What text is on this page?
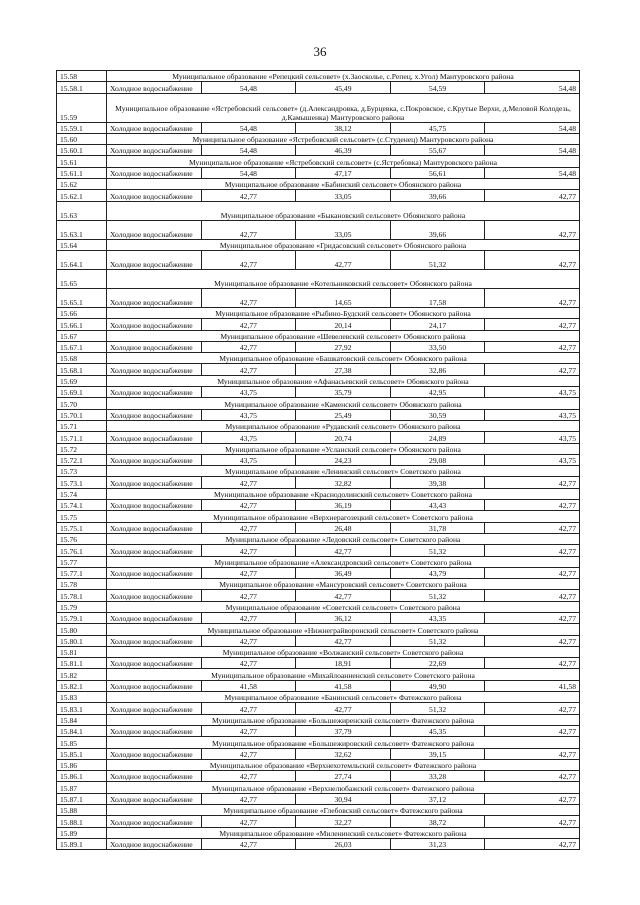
36
15.58	Муниципальное образование «Репецкий сельсовет» (х.Заосколье, с.Репец, х.Угол) Мантуровского района				
15.58.1	Холодное водоснабжение	54,48	45,49	54,59	54,48
15.59	Муниципальное образование «Ястребовский сельсовет» (д.Александровка, д.Бурцевка, с.Покровское, с.Крутые Верхи, д.Меловой Колодезь, д.Камышенка) Мантуровского района				
15.59.1	Холодное водоснабжение	54,48	38,12	45,75	54,48
15.60	Муниципальное образование «Ястребовский сельсовет» (с.Студенец) Мантуровского района				
15.60.1	Холодное водоснабжение	54,48	46,39	55,67	54,48
15.61	Муниципальное образование «Ястребовский сельсовет» (с.Ястребовка) Мантуровского района				
15.61.1	Холодное водоснабжение	54,48	47,17	56,61	54,48
15.62	Муниципальное образование «Бабинский сельсовет» Обоянского района				
15.62.1	Холодное водоснабжение	42,77	33,05	39,66	42,77
15.63	Муниципальное образование «Быкановский сельсовет» Обоянского района				
15.63.1	Холодное водоснабжение	42,77	33,05	39,66	42,77
15.64	Муниципальное образование «Гридасовский сельсовет» Обоянского района				
15.64.1	Холодное водоснабжение	42,77	42,77	51,32	42,77
15.65	Муниципальное образование «Котельниковский сельсовет» Обоянского района				
15.65.1	Холодное водоснабжение	42,77	14,65	17,58	42,77
15.66	Муниципальное образование «Рыбино-Будский сельсовет» Обоянского района				
15.66.1	Холодное водоснабжение	42,77	20,14	24,17	42,77
15.67	Муниципальное образование «Шевелевский сельсовет» Обоянского района				
15.67.1	Холодное водоснабжение	42,77	27,92	33,50	42,77
15.68	Муниципальное образование «Башкатовский сельсовет» Обоянского района				
15.68.1	Холодное водоснабжение	42,77	27,38	32,86	42,77
15.69	Муниципальное образование «Афанасьевский сельсовет» Обоянского района				
15.69.1	Холодное водоснабжение	43,75	35,79	42,95	43,75
15.70	Муниципальное образование «Каменский сельсовет» Обоянского района				
15.70.1	Холодное водоснабжение	43,75	25,49	30,59	43,75
15.71	Муниципальное образование «Рудавский сельсовет» Обоянского района				
15.71.1	Холодное водоснабжение	43,75	20,74	24,89	43,75
15.72	Муниципальное образование «Усланский сельсовет» Обоянского района				
15.72.1	Холодное водоснабжение	43,75	24,23	29,08	43,75
15.73	Муниципальное образование «Ленинский сельсовет» Советского района				
15.73.1	Холодное водоснабжение	42,77	32,82	39,38	42,77
15.74	Муниципальное образование «Краснодолинский сельсовет» Советского района				
15.74.1	Холодное водоснабжение	42,77	36,19	43,43	42,77
15.75	Муниципальное образование «Верхнерагозецкий сельсовет» Советского района				
15.75.1	Холодное водоснабжение	42,77	26,48	31,78	42,77
15.76	Муниципальное образование «Ледовский сельсовет» Советского района				
15.76.1	Холодное водоснабжение	42,77	42,77	51,32	42,77
15.77	Муниципальное образование «Александровский сельсовет» Советского района				
15.77.1	Холодное водоснабжение	42,77	36,49	43,79	42,77
15.78	Муниципальное образование «Мансуровский сельсовет» Советского района				
15.78.1	Холодное водоснабжение	42,77	42,77	51,32	42,77
15.79	Муниципальное образование «Советский сельсовет» Советского района				
15.79.1	Холодное водоснабжение	42,77	36,12	43,35	42,77
15.80	Муниципальное образование «Нижнеграйворонский сельсовет» Советского района				
15.80.1	Холодное водоснабжение	42,77	42,77	51,32	42,77
15.81	Муниципальное образование «Волжанский сельсовет» Советского района				
15.81.1	Холодное водоснабжение	42,77	18,91	22,69	42,77
15.82	Муниципальное образование «Михайлоанненский сельсовет» Советского района				
15.82.1	Холодное водоснабжение	41,58	41,58	49,90	41,58
15.83	Муниципальное образование «Банинский сельсовет» Фатежского района				
15.83.1	Холодное водоснабжение	42,77	42,77	51,32	42,77
15.84	Муниципальное образование «Большежиренский сельсовет» Фатежского района				
15.84.1	Холодное водоснабжение	42,77	37,79	45,35	42,77
15.85	Муниципальное образование «Большежировский сельсовет» Фатежского района				
15.85.1	Холодное водоснабжение	42,77	32,62	39,15	42,77
15.86	Муниципальное образование «Верхнехотемльский сельсовет» Фатежского района				
15.86.1	Холодное водоснабжение	42,77	27,74	33,28	42,77
15.87	Муниципальное образование «Верхнелюбажский сельсовет» Фатежского района				
15.87.1	Холодное водоснабжение	42,77	30,94	37,12	42,77
15.88	Муниципальное образование «Глебовский сельсовет» Фатежского района				
15.88.1	Холодное водоснабжение	42,77	32,27	38,72	42,77
15.89	Муниципальное образование «Миленинский сельсовет» Фатежского района				
15.89.1	Холодное водоснабжение	42,77	26,03	31,23	42,77
